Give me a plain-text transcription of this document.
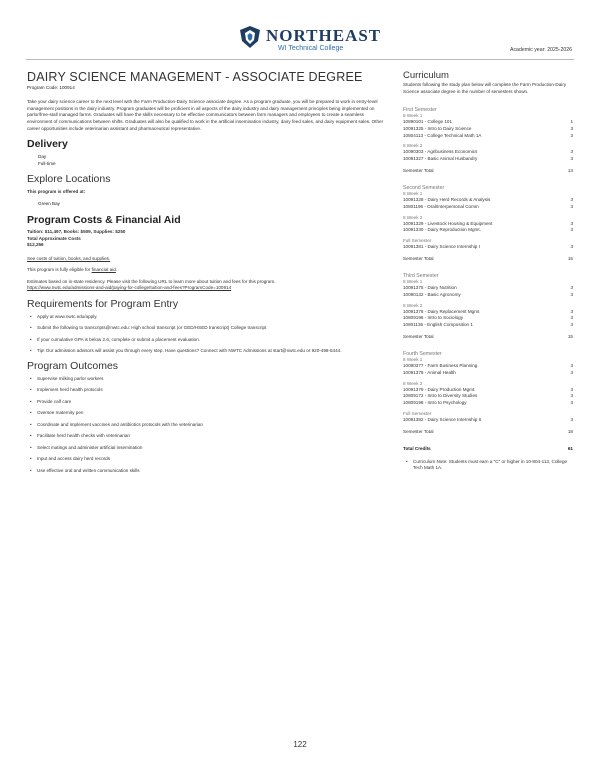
NORTHEAST
WI Technical College	Academic year: 2025-2026
DAIRY SCIENCE MANAGEMENT - ASSOCIATE DEGREE
Program Code: 100914

Take your dairy science career to the next level with the Farm Production-Dairy Science associate degree. As a program graduate, you will be prepared to work in entry-level management positions in the dairy industry. Program graduates will be proficient in all aspects of the dairy industry and dairy management principles being implemented on parlor/free-stall managed farms. Graduates will have the skills necessary to be effective communicators between farm managers and employees to create a seamless environment of communications between shifts. Graduates will also be qualified to work in the artificial insemination industry, dairy feed sales, and dairy equipment sales. Other career opportunities include veterinarian assistant and pharmaceutical representative.

Delivery
Day
Full-time
Explore Locations
This program is offered at:
Green Bay
Program Costs & Financial Aid
Tuition: $11,497, Books: $509, Supplies: $250
Total Approximate Costs
$12,256
See costs of tuition, books, and supplies.
This program is fully eligible for financial aid.
Estimates based on in-state residency. Please visit the following URL to learn more about tuition and fees for this program.
https://www.nwtc.edu/admissions-and-aid/paying-for-college/tuition-and-fees?ProgramCode=100914
Requirements for Program Entry
• Apply at www.nwtc.edu/apply.
• Submit the following to transcripts@nwtc.edu: High school transcript (or GED/HSED transcript) College transcript
• If your cumulative GPA is below 2.6, complete or submit a placement evaluation.
• Tip! Our admission advisors will assist you through every step. Have questions? Connect with NWTC Admissions at start@nwtc.edu or 920-498-5444.
Program Outcomes
• Supervise milking parlor workers
• Implement herd health protocols
• Provide calf care
• Oversee maternity pen
• Coordinate and implement vaccines and antibiotics protocols with the veterinarian
• Facilitate herd health checks with veterinarian
• Select matings and administer artificial insemination
• Input and access dairy herd records
• Use effective oral and written communication skills
Curriculum
Students following the study plan below will complete the Farm Production-Dairy Science associate degree in the number of semesters shown.
First Semester
8 Week 1
10890101 - College 101	1
10091325 - Intro to Dairy Science	3
10804113 - College Technical Math 1A	3
8 Week 2
10090303 - Agribusiness Economics	3
10091327 - Basic Animal Husbandry	3
Semester Total	13
Second Semester
8 Week 1
10091328 - Dairy Herd Records & Analysis	3
10801196 - Oral/Interpersonal Comm	3
8 Week 2
10091329 - Livestock Housing & Equipment	3
10091330 - Dairy Reproduction Mgmt.	3
Full Semester
10091381 - Dairy Science Internship I	3
Semester Total	15
Third Semester
8 Week 1
10091375 - Dairy Nutrition	3
10090132 - Basic Agronomy	3
8 Week 2
10091376 - Dairy Replacement Mgmt	3
10809196 - Intro to Sociology	3
10801136 - English Composition 1	3
Semester Total	15
Fourth Semester
8 Week 1
10090377 - Farm Business Planning	3
10091378 - Animal Health	3
8 Week 2
10091379 - Dairy Production Mgmt.	3
10809172 - Intro to Diversity Studies	3
10809198 - Intro to Psychology	3
Full Semester
10091382 - Dairy Science Internship II	3
Semester Total	18
Total Credits	61
• Curriculum Note: Students must earn a "C" or higher in 10-804-113, College Tech Math 1A.
122
